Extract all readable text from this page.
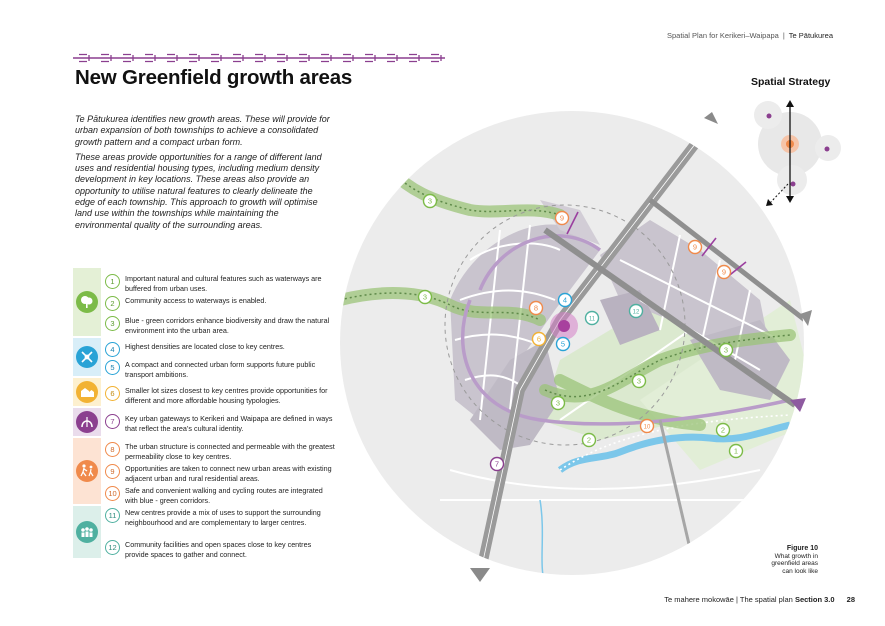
Spatial Plan for Kerikeri–Waipapa | Te Pātukurea
New Greenfield growth areas

Te Pātukurea identifies new growth areas. These will provide for urban expansion of both townships to achieve a consolidated growth pattern and a compact urban form.

These areas provide opportunities for a range of different land uses and residential housing types, including medium density development in key locations. These areas also provide an opportunity to utilise natural features to clearly delineate the edge of each township. This approach to growth will optimise land use within the townships while maintaining the environmental quality of the surrounding areas.

1	Important natural and cultural features such as waterways are buffered from urban uses.
2	Community access to waterways is enabled.
3	Blue - green corridors enhance biodiversity and draw the natural environment into the urban area.
4	Highest densities are located close to key centres.
5	A compact and connected urban form supports future public transport ambitions.
6	Smaller lot sizes closest to key centres provide opportunities for different and more affordable housing typologies.
7	Key urban gateways to Kerikeri and Waipapa are defined in ways that reflect the area’s cultural identity.
8	The urban structure is connected and permeable with the greatest permeability close to key centres.
9	Opportunities are taken to connect new urban areas with existing adjacent urban and rural residential areas.
10	Safe and convenient walking and cycling routes are integrated with blue - green corridors.
11	New centres provide a mix of uses to support the surrounding neighbourhood and are complementary to larger centres.
12	Community facilities and open spaces close to key centres provide spaces to gather and connect.
9
9
9
3
3
3
3
3
8
4
6
5
11
12
2
2
10
1
7
Spatial Strategy
Figure 10
What growth in
greenfield areas
can look like
Te mahere mokowāe | The spatial plan Section 3.0 28
